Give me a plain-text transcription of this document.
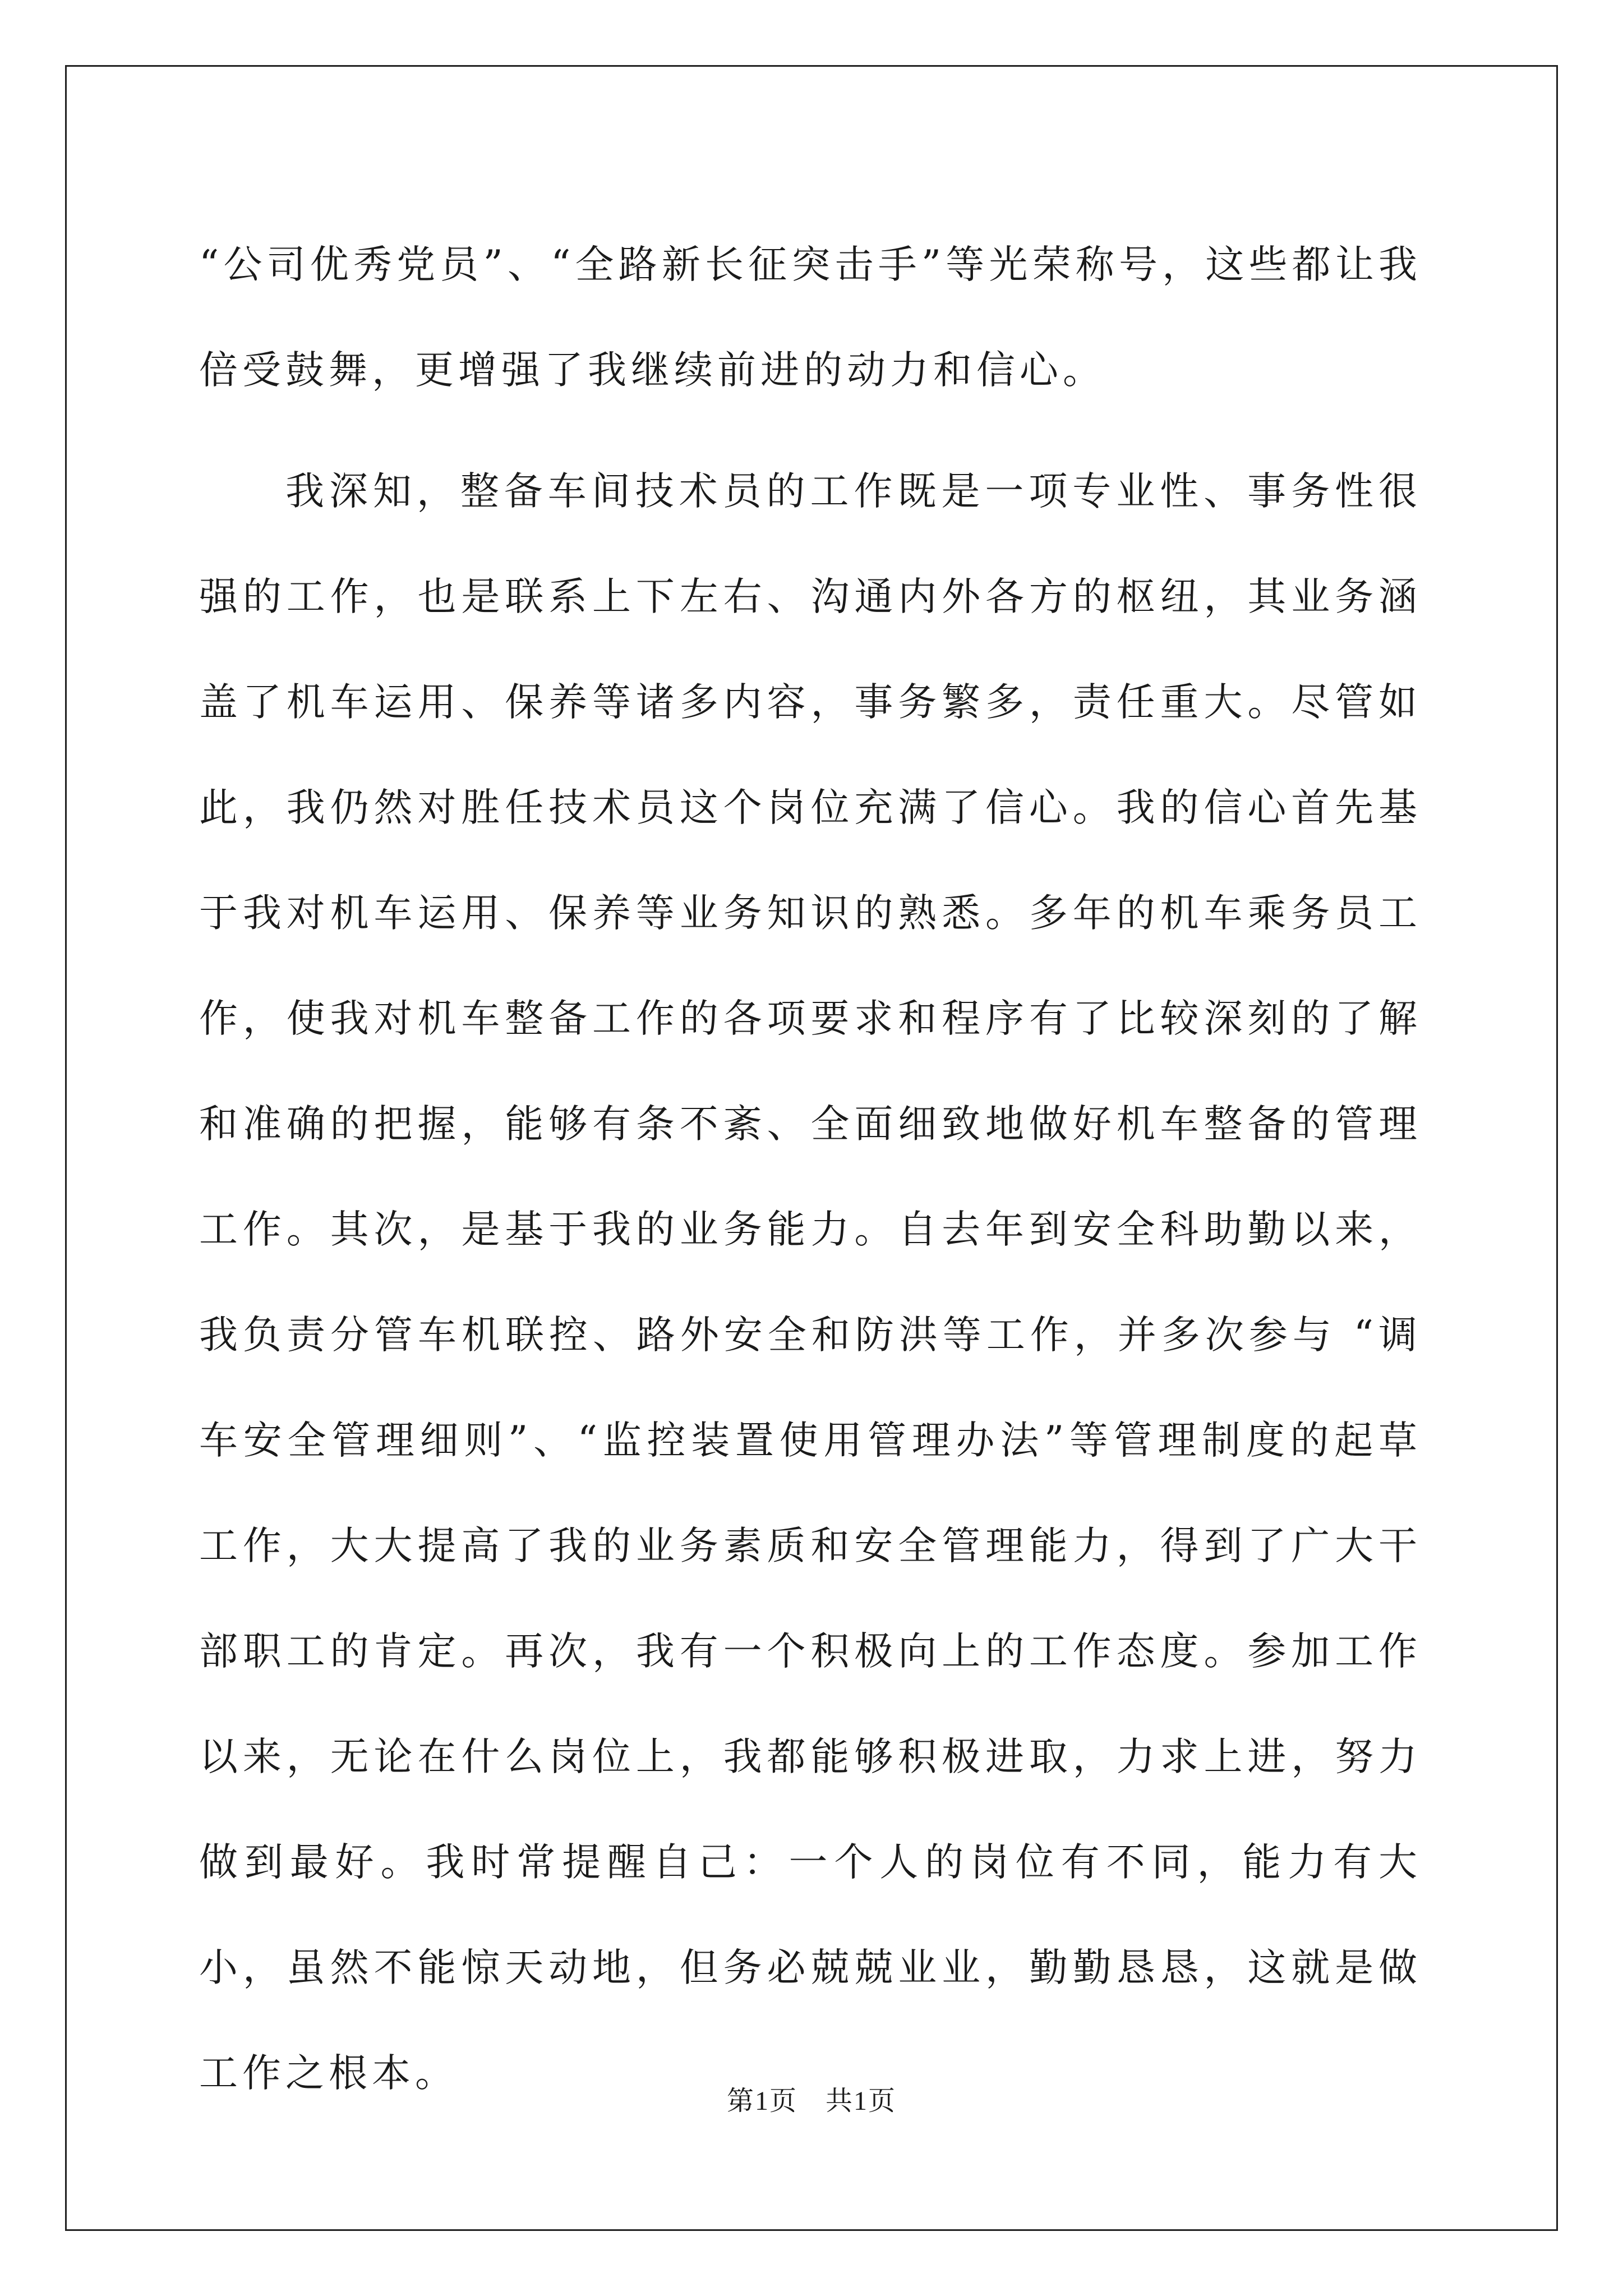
“公司优秀党员”、“全路新长征突击手”等光荣称号，这些都让我倍受鼓舞，更增强了我继续前进的动力和信心。

我深知，整备车间技术员的工作既是一项专业性、事务性很强的工作，也是联系上下左右、沟通内外各方的枢纽，其业务涵盖了机车运用、保养等诸多内容，事务繁多，责任重大。尽管如此，我仍然对胜任技术员这个岗位充满了信心。我的信心首先基于我对机车运用、保养等业务知识的熟悉。多年的机车乘务员工作，使我对机车整备工作的各项要求和程序有了比较深刻的了解和准确的把握，能够有条不紊、全面细致地做好机车整备的管理工作。其次，是基于我的业务能力。自去年到安全科助勤以来，我负责分管车机联控、路外安全和防洪等工作，并多次参与 “调车安全管理细则”、“监控装置使用管理办法”等管理制度的起草工作，大大提高了我的业务素质和安全管理能力，得到了广大干部职工的肯定。再次，我有一个积极向上的工作态度。参加工作以来，无论在什么岗位上，我都能够积极进取，力求上进，努力做到最好。我时常提醒自己：一个人的岗位有不同，能力有大小，虽然不能惊天动地，但务必兢兢业业，勤勤恳恳，这就是做工作之根本。

第1页 共1页
